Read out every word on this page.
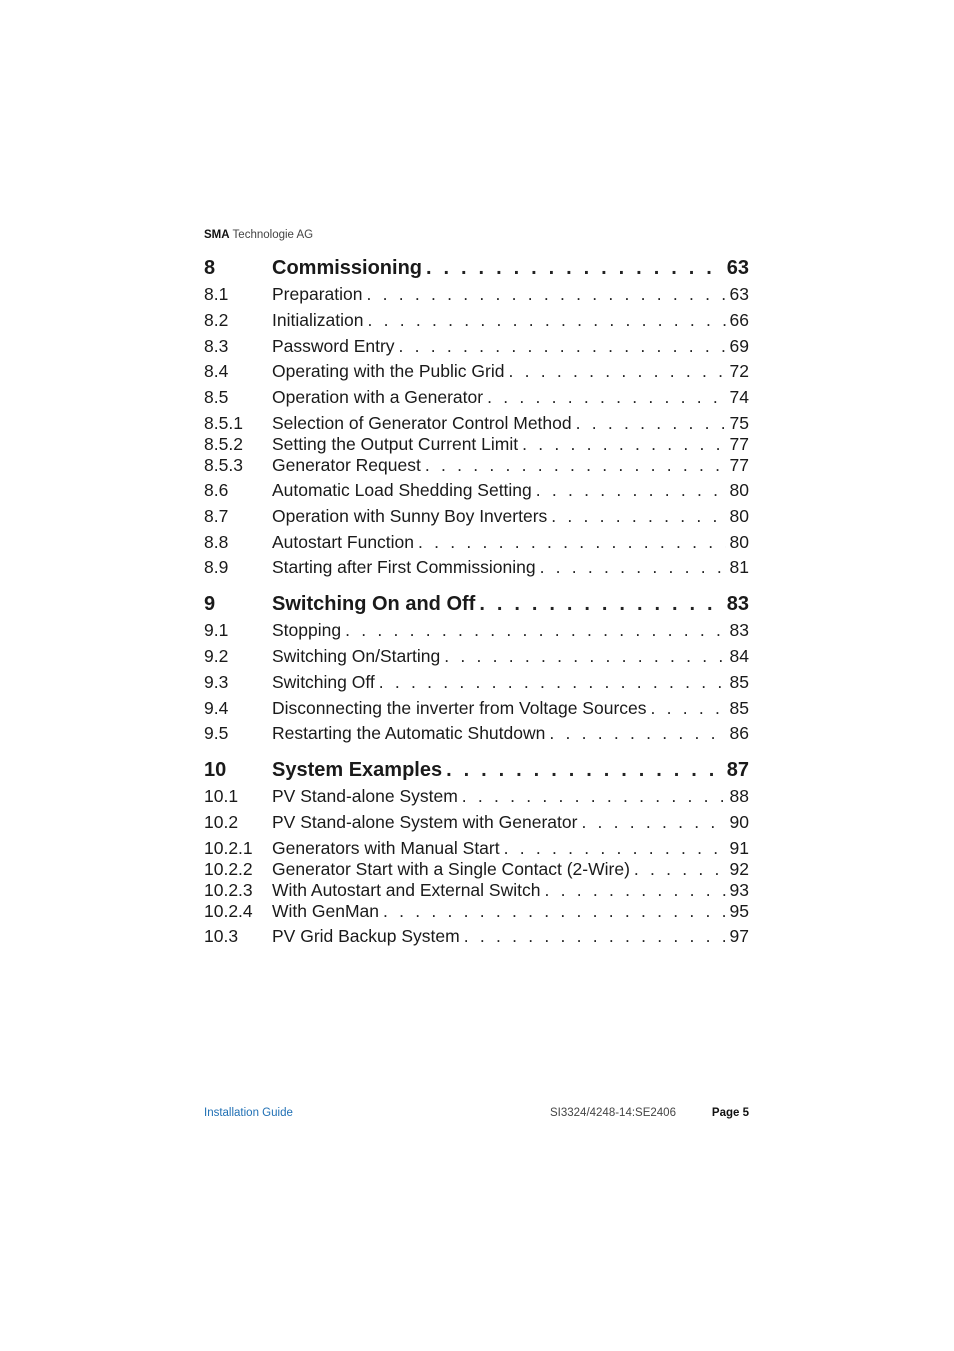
SMA Technologie AG
8	Commissioning . . .	63
8.1	Preparation . . .	63
8.2	Initialization . . .	66
8.3	Password Entry . . .	69
8.4	Operating with the Public Grid . . .	72
8.5	Operation with a Generator . . .	74
8.5.1	Selection of Generator Control Method . . .	75
8.5.2	Setting the Output Current Limit . . .	77
8.5.3	Generator Request . . .	77
8.6	Automatic Load Shedding Setting . . .	80
8.7	Operation with Sunny Boy Inverters . . .	80
8.8	Autostart Function . . .	80
8.9	Starting after First Commissioning . . .	81
9	Switching On and Off . . .	83
9.1	Stopping . . .	83
9.2	Switching On/Starting . . .	84
9.3	Switching Off . . .	85
9.4	Disconnecting the inverter from Voltage Sources . . .	85
9.5	Restarting the Automatic Shutdown . . .	86
10	System Examples . . .	87
10.1	PV Stand-alone System . . .	88
10.2	PV Stand-alone System with Generator . . .	90
10.2.1	Generators with Manual Start . . .	91
10.2.2	Generator Start with a Single Contact (2-Wire) . . .	92
10.2.3	With Autostart and External Switch . . .	93
10.2.4	With GenMan . . .	95
10.3	PV Grid Backup System . . .	97
Installation Guide	SI3324/4248-14:SE2406	Page 5
